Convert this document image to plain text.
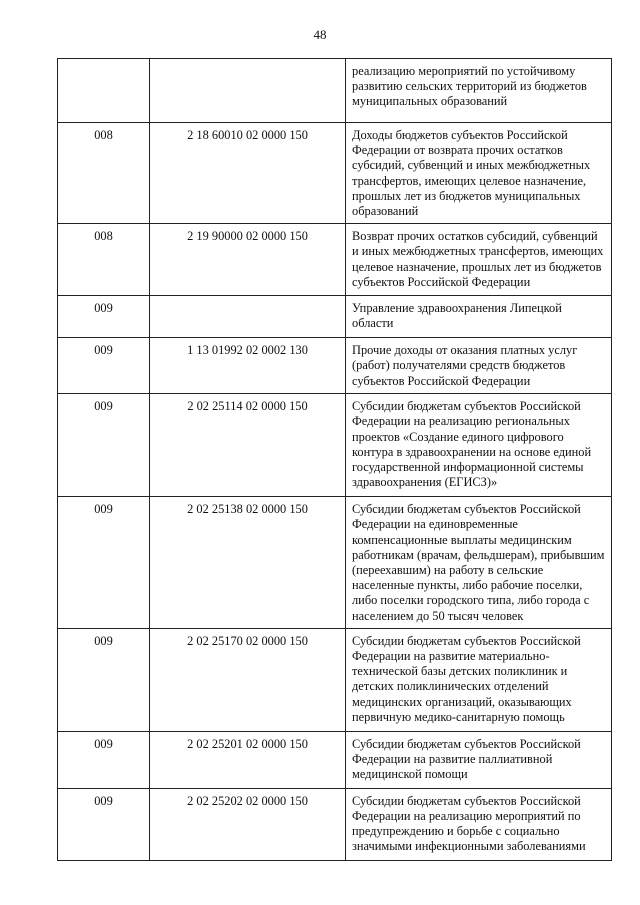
48
		реализацию мероприятий по устойчивому развитию сельских территорий из бюджетов муниципальных образований
008	2 18 60010 02 0000 150	Доходы бюджетов субъектов Российской Федерации от возврата прочих остатков субсидий, субвенций и иных межбюджетных трансфертов, имеющих целевое назначение, прошлых лет из бюджетов муниципальных образований
008	2 19 90000 02 0000 150	Возврат прочих остатков субсидий, субвенций и иных межбюджетных трансфертов, имеющих целевое назначение, прошлых лет из бюджетов субъектов Российской Федерации
009		Управление здравоохранения Липецкой области
009	1 13 01992 02 0002 130	Прочие доходы от оказания платных услуг (работ) получателями средств бюджетов субъектов Российской Федерации
009	2 02 25114 02 0000 150	Субсидии бюджетам субъектов Российской Федерации на реализацию региональных проектов «Создание единого цифрового контура в здравоохранении на основе единой государственной информационной системы здравоохранения (ЕГИСЗ)»
009	2 02 25138 02 0000 150	Субсидии бюджетам субъектов Российской Федерации на единовременные компенсационные выплаты медицинским работникам (врачам, фельдшерам), прибывшим (переехавшим) на работу в сельские населенные пункты, либо рабочие поселки, либо поселки городского типа, либо города с населением до 50 тысяч человек
009	2 02 25170 02 0000 150	Субсидии бюджетам субъектов Российской Федерации на развитие материально-технической базы детских поликлиник и детских поликлинических отделений медицинских организаций, оказывающих первичную медико-санитарную помощь
009	2 02 25201 02 0000 150	Субсидии бюджетам субъектов Российской Федерации на развитие паллиативной медицинской помощи
009	2 02 25202 02 0000 150	Субсидии бюджетам субъектов Российской Федерации на реализацию мероприятий по предупреждению и борьбе с социально значимыми инфекционными заболеваниями
